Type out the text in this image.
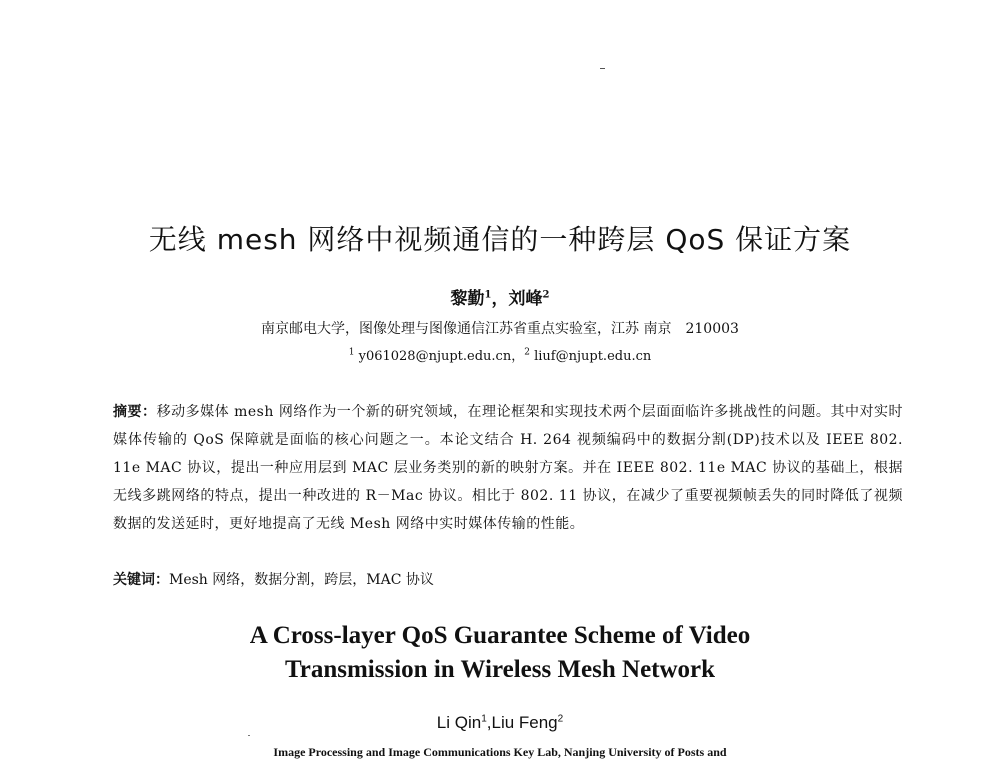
无线 mesh 网络中视频通信的一种跨层 QoS 保证方案
黎勤$^1$，刘峰$^2$
南京邮电大学，图像处理与图像通信江苏省重点实验室，江苏 南京　210003
$^1$ y061028@njupt.edu.cn，$^2$ liuf@njupt.edu.cn
摘要：移动多媒体 mesh 网络作为一个新的研究领域，在理论框架和实现技术两个层面面临许多挑战性的问题。其中对实时媒体传输的 QoS 保障就是面临的核心问题之一。本论文结合 H. 264 视频编码中的数据分割(DP)技术以及 IEEE 802. 11e MAC 协议，提出一种应用层到 MAC 层业务类别的新的映射方案。并在 IEEE 802. 11e MAC 协议的基础上，根据无线多跳网络的特点，提出一种改进的 R－Mac 协议。相比于 802. 11 协议，在减少了重要视频帧丢失的同时降低了视频数据的发送延时，更好地提高了无线 Mesh 网络中实时媒体传输的性能。
关键词：Mesh 网络，数据分割，跨层，MAC 协议
A Cross-layer QoS Guarantee Scheme of Video
Transmission in Wireless Mesh Network
Li Qin$^1$,Liu Feng$^2$
Image Processing and Image Communications Key Lab, Nanjing University of Posts and
